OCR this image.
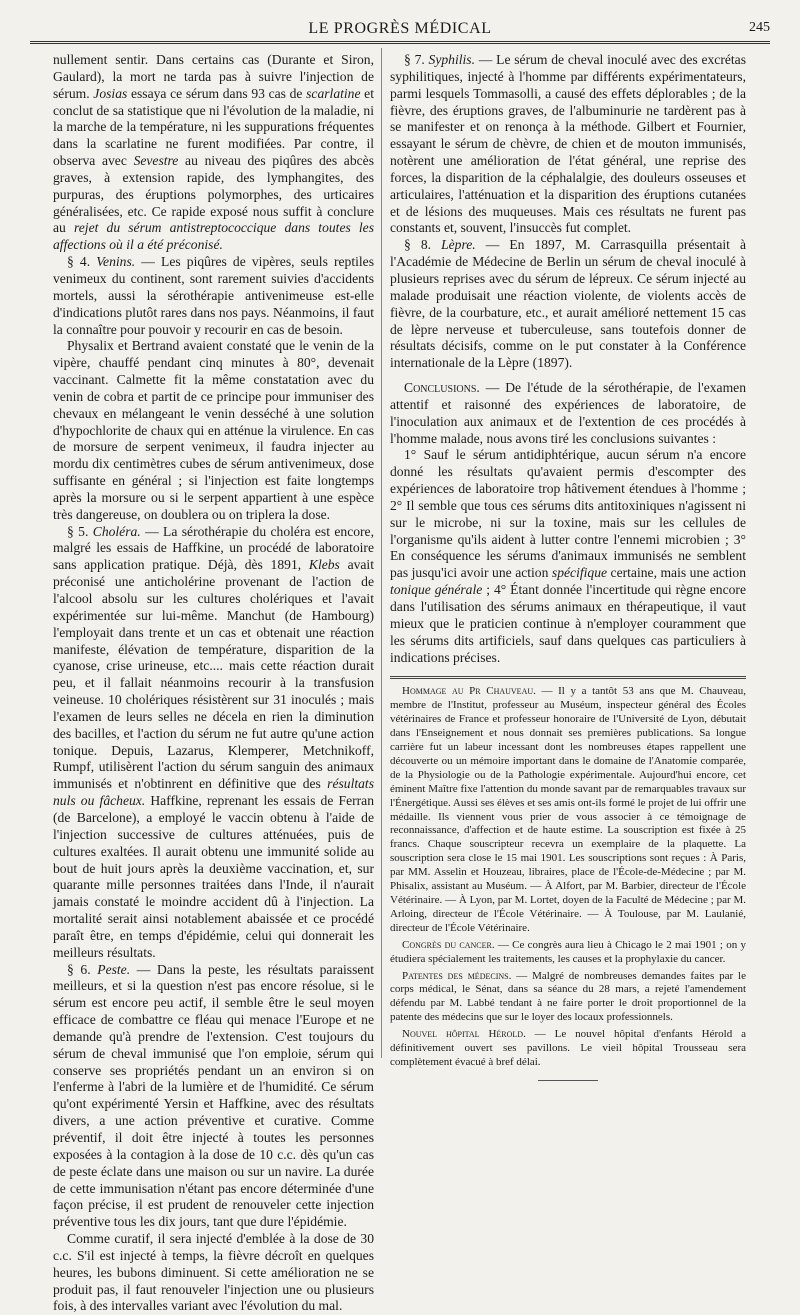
LE PROGRÈS MÉDICAL	245

nullement sentir. Dans certains cas (Durante et Siron, Gaulard), la mort ne tarda pas à suivre l'injection de sérum. Josias essaya ce sérum dans 93 cas de scarlatine et conclut de sa statistique que ni l'évolution de la maladie, ni la marche de la température, ni les suppurations fréquentes dans la scarlatine ne furent modifiées. Par contre, il observa avec Sevestre au niveau des piqûres des abcès graves, à extension rapide, des lymphangites, des purpuras, des éruptions polymorphes, des urticaires généralisées, etc. Ce rapide exposé nous suffit à conclure au rejet du sérum antistreptococcique dans toutes les affections où il a été préconisé.

§ 4. Venins. — Les piqûres de vipères, seuls reptiles venimeux du continent, sont rarement suivies d'accidents mortels, aussi la sérothérapie antivenimeuse est-elle d'indications plutôt rares dans nos pays. Néanmoins, il faut la connaître pour pouvoir y recourir en cas de besoin.

Physalix et Bertrand avaient constaté que le venin de la vipère, chauffé pendant cinq minutes à 80°, devenait vaccinant. Calmette fit la même constatation avec du venin de cobra et partit de ce principe pour immuniser des chevaux en mélangeant le venin desséché à une solution d'hypochlorite de chaux qui en atténue la virulence. En cas de morsure de serpent venimeux, il faudra injecter au mordu dix centimètres cubes de sérum antivenimeux, dose suffisante en général ; si l'injection est faite longtemps après la morsure ou si le serpent appartient à une espèce très dangereuse, on doublera ou on triplera la dose.

§ 5. Choléra. — La sérothérapie du choléra est encore, malgré les essais de Haffkine, un procédé de laboratoire sans application pratique. Déjà, dès 1891, Klebs avait préconisé une anticholérine provenant de l'action de l'alcool absolu sur les cultures cholériques et l'avait expérimentée sur lui-même. Manchut (de Hambourg) l'employait dans trente et un cas et obtenait une réaction manifeste, élévation de température, disparition de la cyanose, crise urineuse, etc.... mais cette réaction durait peu, et il fallait néanmoins recourir à la transfusion veineuse. 10 cholériques résistèrent sur 31 inoculés ; mais l'examen de leurs selles ne décela en rien la diminution des bacilles, et l'action du sérum ne fut autre qu'une action tonique. Depuis, Lazarus, Klemperer, Metchnikoff, Rumpf, utilisèrent l'action du sérum sanguin des animaux immunisés et n'obtinrent en définitive que des résultats nuls ou fâcheux. Haffkine, reprenant les essais de Ferran (de Barcelone), a employé le vaccin obtenu à l'aide de l'injection successive de cultures atténuées, puis de cultures exaltées. Il aurait obtenu une immunité solide au bout de huit jours après la deuxième vaccination, et, sur quarante mille personnes traitées dans l'Inde, il n'aurait jamais constaté le moindre accident dû à l'injection. La mortalité serait ainsi notablement abaissée et ce procédé paraît être, en temps d'épidémie, celui qui donnerait les meilleurs résultats.

§ 6. Peste. — Dans la peste, les résultats paraissent meilleurs, et si la question n'est pas encore résolue, si le sérum est encore peu actif, il semble être le seul moyen efficace de combattre ce fléau qui menace l'Europe et ne demande qu'à prendre de l'extension. C'est toujours du sérum de cheval immunisé que l'on emploie, sérum qui conserve ses propriétés pendant un an environ si on l'enferme à l'abri de la lumière et de l'humidité. Ce sérum qu'ont expérimenté Yersin et Haffkine, avec des résultats divers, a une action préventive et curative. Comme préventif, il doit être injecté à toutes les personnes exposées à la contagion à la dose de 10 c.c. dès qu'un cas de peste éclate dans une maison ou sur un navire. La durée de cette immunisation n'étant pas encore déterminée d'une façon précise, il est prudent de renouveler cette injection préventive tous les dix jours, tant que dure l'épidémie.

Comme curatif, il sera injecté d'emblée à la dose de 30 c.c. S'il est injecté à temps, la fièvre décroît en quelques heures, les bubons diminuent. Si cette amélioration ne se produit pas, il faut renouveler l'injection une ou plusieurs fois, à des intervalles variant avec l'évolution du mal.

§ 7. Syphilis. — Le sérum de cheval inoculé avec des excrétas syphilitiques, injecté à l'homme par différents expérimentateurs, parmi lesquels Tommasolli, a causé des effets déplorables ; de la fièvre, des éruptions graves, de l'albuminurie ne tardèrent pas à se manifester et on renonça à la méthode. Gilbert et Fournier, essayant le sérum de chèvre, de chien et de mouton immunisés, notèrent une amélioration de l'état général, une reprise des forces, la disparition de la céphalalgie, des douleurs osseuses et articulaires, l'atténuation et la disparition des éruptions cutanées et de lésions des muqueuses. Mais ces résultats ne furent pas constants et, souvent, l'insuccès fut complet.

§ 8. Lèpre. — En 1897, M. Carrasquilla présentait à l'Académie de Médecine de Berlin un sérum de cheval inoculé à plusieurs reprises avec du sérum de lépreux. Ce sérum injecté au malade produisait une réaction violente, de violents accès de fièvre, de la courbature, etc., et aurait amélioré nettement 15 cas de lèpre nerveuse et tuberculeuse, sans toutefois donner de résultats décisifs, comme on le put constater à la Conférence internationale de la Lèpre (1897).

Conclusions. — De l'étude de la sérothérapie, de l'examen attentif et raisonné des expériences de laboratoire, de l'inoculation aux animaux et de l'extention de ces procédés à l'homme malade, nous avons tiré les conclusions suivantes :

1° Sauf le sérum antidiphtérique, aucun sérum n'a encore donné les résultats qu'avaient permis d'escompter des expériences de laboratoire trop hâtivement étendues à l'homme ; 2° Il semble que tous ces sérums dits antitoxiniques n'agissent ni sur le microbe, ni sur la toxine, mais sur les cellules de l'organisme qu'ils aident à lutter contre l'ennemi microbien ; 3° En conséquence les sérums d'animaux immunisés ne semblent pas jusqu'ici avoir une action spécifique certaine, mais une action tonique générale ; 4° Étant donnée l'incertitude qui règne encore dans l'utilisation des sérums animaux en thérapeutique, il vaut mieux que le praticien continue à n'employer couramment que les sérums dits artificiels, sauf dans quelques cas particuliers à indications précises.

Hommage au Pr Chauveau. — Il y a tantôt 53 ans que M. Chauveau, membre de l'Institut, professeur au Muséum, inspecteur général des Écoles vétérinaires de France et professeur honoraire de l'Université de Lyon, débutait dans l'Enseignement et nous donnait ses premières publications. Sa longue carrière fut un labeur incessant dont les nombreuses étapes rappellent une découverte ou un mémoire important dans le domaine de l'Anatomie comparée, de la Physiologie ou de la Pathologie expérimentale. Aujourd'hui encore, cet éminent Maître fixe l'attention du monde savant par de remarquables travaux sur l'Énergétique. Aussi ses élèves et ses amis ont-ils formé le projet de lui offrir une médaille. Ils viennent vous prier de vous associer à ce témoignage de reconnaissance, d'affection et de haute estime. La souscription est fixée à 25 francs. Chaque souscripteur recevra un exemplaire de la plaquette. La souscription sera close le 15 mai 1901. Les souscriptions sont reçues : À Paris, par MM. Asselin et Houzeau, libraires, place de l'École-de-Médecine ; par M. Phisalix, assistant au Muséum. — À Alfort, par M. Barbier, directeur de l'École Vétérinaire. — À Lyon, par M. Lortet, doyen de la Faculté de Médecine ; par M. Arloing, directeur de l'École Vétérinaire. — À Toulouse, par M. Laulanié, directeur de l'École Vétérinaire.

Congrès du cancer. — Ce congrès aura lieu à Chicago le 2 mai 1901 ; on y étudiera spécialement les traitements, les causes et la prophylaxie du cancer.

Patentes des médecins. — Malgré de nombreuses demandes faites par le corps médical, le Sénat, dans sa séance du 28 mars, a rejeté l'amendement défendu par M. Labbé tendant à ne faire porter le droit proportionnel de la patente des médecins que sur le loyer des locaux professionnels.

Nouvel hôpital Hérold. — Le nouvel hôpital d'enfants Hérold a définitivement ouvert ses pavillons. Le vieil hôpital Trousseau sera complètement évacué à bref délai.
